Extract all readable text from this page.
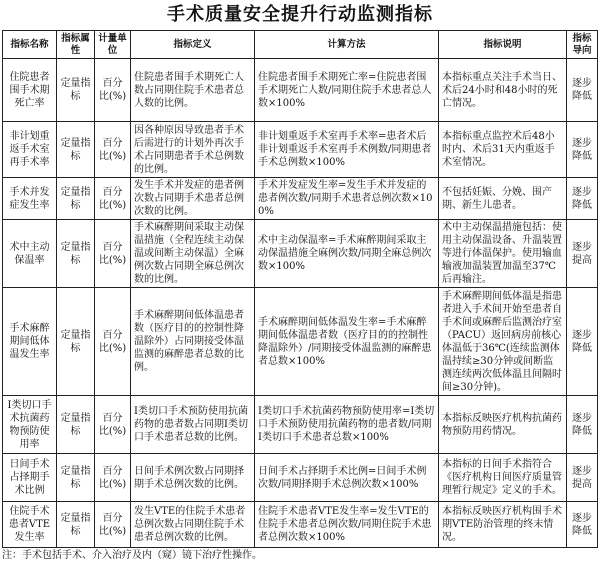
手术质量安全提升行动监测指标
指标名称	指标属性	计量单位	指标定义	计算方法	指标说明	指标导向
住院患者围手术期死亡率	定量指标	百分比(%)	住院患者围手术期死亡人数占同期住院手术患者总人数的比例。	住院患者围手术期死亡率=住院患者围手术期死亡人数/同期住院手术患者总人数×100%	本指标重点关注手术当日、术后24小时和48小时的死亡情况。	逐步降低
非计划重返手术室再手术率	定量指标	百分比(%)	因各种原因导致患者手术后需进行的计划外再次手术占同期患者手术总例数的比例。	非计划重返手术室再手术率=患者术后非计划重返手术室再手术例数/同期患者手术总例数×100%	本指标重点监控术后48小时内、术后31天内重返手术室情况。	逐步降低
手术并发症发生率	定量指标	百分比(%)	发生手术并发症的患者例次数占同期手术患者总例次数的比例。	手术并发症发生率=发生手术并发症的患者例次数/同期手术患者总例次数×100%	不包括妊娠、分娩、围产期、新生儿患者。	逐步降低
术中主动保温率	定量指标	百分比(%)	手术麻醉期间采取主动保温措施（全程连续主动保温或间断主动保温）全麻例次数占同期全麻总例次数的比例。	术中主动保温率=手术麻醉期间采取主动保温措施全麻例次数/同期全麻总例次数×100%	术中主动保温措施包括：使用主动保温设备、升温装置等进行体温保护。使用输血输液加温装置加温至37℃后再输注。	逐步提高
手术麻醉期间低体温发生率	定量指标	百分比(%)	手术麻醉期间低体温患者数（医疗目的的控制性降温除外）占同期接受体温监测的麻醉患者总数的比例。	手术麻醉期间低体温发生率=手术麻醉期间低体温患者数（医疗目的的控制性降温除外）/同期接受体温监测的麻醉患者总数×100%	手术麻醉期间低体温是指患者进入手术间开始至患者自手术间或麻醉后监测治疗室（PACU）返回病房前核心体温低于36℃(连续监测体温持续≥30分钟或间断监测连续两次低体温且间隔时间≥30分钟)。	逐步降低
I类切口手术抗菌药物预防使用率	定量指标	百分比(%)	I类切口手术预防使用抗菌药物的患者数占同期I类切口手术患者总数的比例。	I类切口手术抗菌药物预防使用率=I类切口手术预防使用抗菌药物的患者数/同期I类切口手术患者总数×100%	本指标反映医疗机构抗菌药物预防用药情况。	逐步降低
日间手术占择期手术比例	定量指标	百分比(%)	日间手术例次数占同期择期手术总例次数的比例。	日间手术占择期手术比例=日间手术例次数/同期择期手术总例次数×100%	本指标的日间手术指符合《医疗机构日间医疗质量管理暂行规定》定义的手术。	逐步提高
住院手术患者VTE发生率	定量指标	百分比(%)	发生VTE的住院手术患者总例次数占同期住院手术患者总例次数的比例。	住院手术患者VTE发生率=发生VTE的住院手术患者总例次数/同期住院手术患者总例次数×100%	本指标反映医疗机构围手术期VTE防治管理的终末情况。	逐步降低
注：手术包括手术、介入治疗及内（窥）镜下治疗性操作。
